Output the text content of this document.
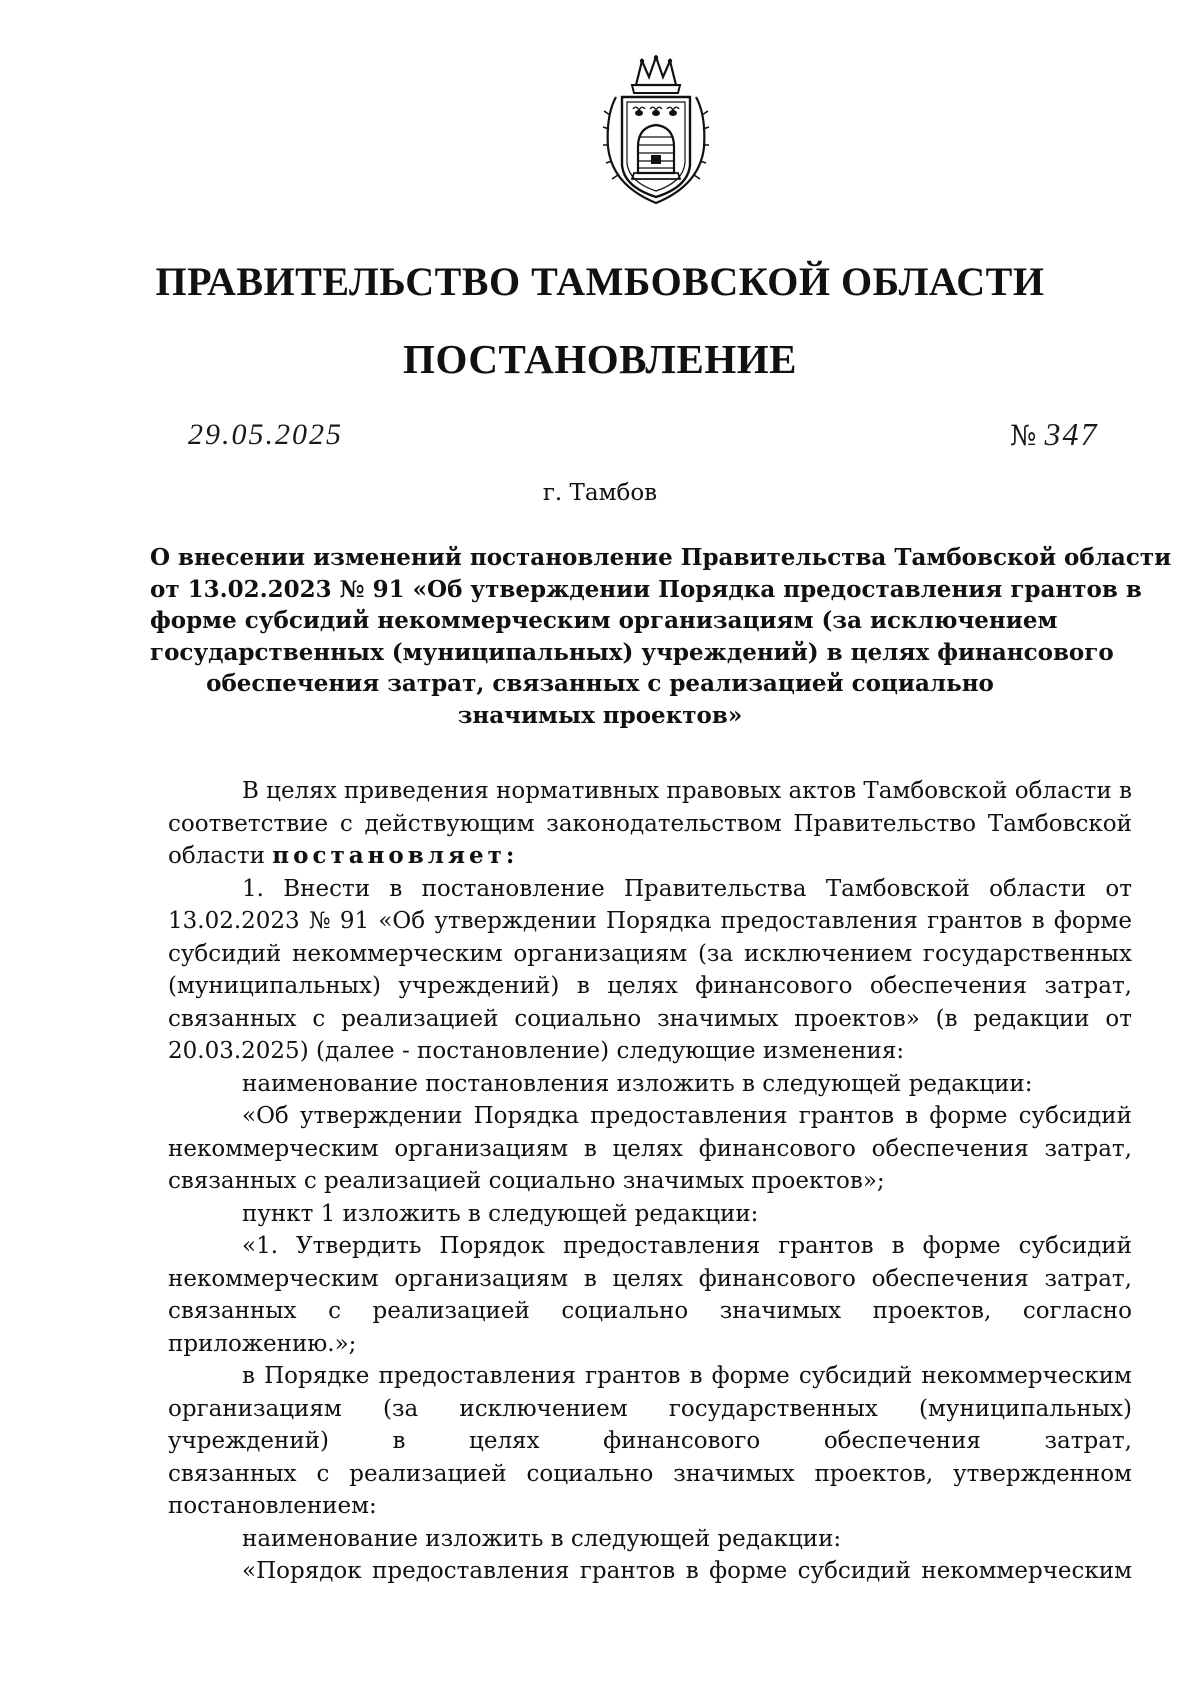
ПРАВИТЕЛЬСТВО ТАМБОВСКОЙ ОБЛАСТИ
ПОСТАНОВЛЕНИЕ
29.05.2025	№ 347
г. Тамбов
О внесении изменений постановление Правительства Тамбовской области
от 13.02.2023 № 91 «Об утверждении Порядка предоставления грантов в
форме субсидий некоммерческим организациям (за исключением
государственных (муниципальных) учреждений) в целях финансового
обеспечения затрат, связанных с реализацией социально
значимых проектов»
В целях приведения нормативных правовых актов Тамбовской области в
соответствие с действующим законодательством Правительство Тамбовской
области постановляет:
1. Внести в постановление Правительства Тамбовской области от
13.02.2023 № 91 «Об утверждении Порядка предоставления грантов в форме
субсидий некоммерческим организациям (за исключением государственных
(муниципальных) учреждений) в целях финансового обеспечения затрат,
связанных с реализацией социально значимых проектов» (в редакции от
20.03.2025) (далее - постановление) следующие изменения:
наименование постановления изложить в следующей редакции:
«Об утверждении Порядка предоставления грантов в форме субсидий
некоммерческим организациям в целях финансового обеспечения затрат,
связанных с реализацией социально значимых проектов»;
пункт 1 изложить в следующей редакции:
«1. Утвердить Порядок предоставления грантов в форме субсидий
некоммерческим организациям в целях финансового обеспечения затрат,
связанных с реализацией социально значимых проектов, согласно
приложению.»;
в Порядке предоставления грантов в форме субсидий некоммерческим
организациям (за исключением государственных (муниципальных)
учреждений)	в	целях	финансового	обеспечения	затрат,
связанных с реализацией социально значимых проектов, утвержденном
постановлением:
наименование изложить в следующей редакции:
«Порядок предоставления грантов в форме субсидий некоммерческим
